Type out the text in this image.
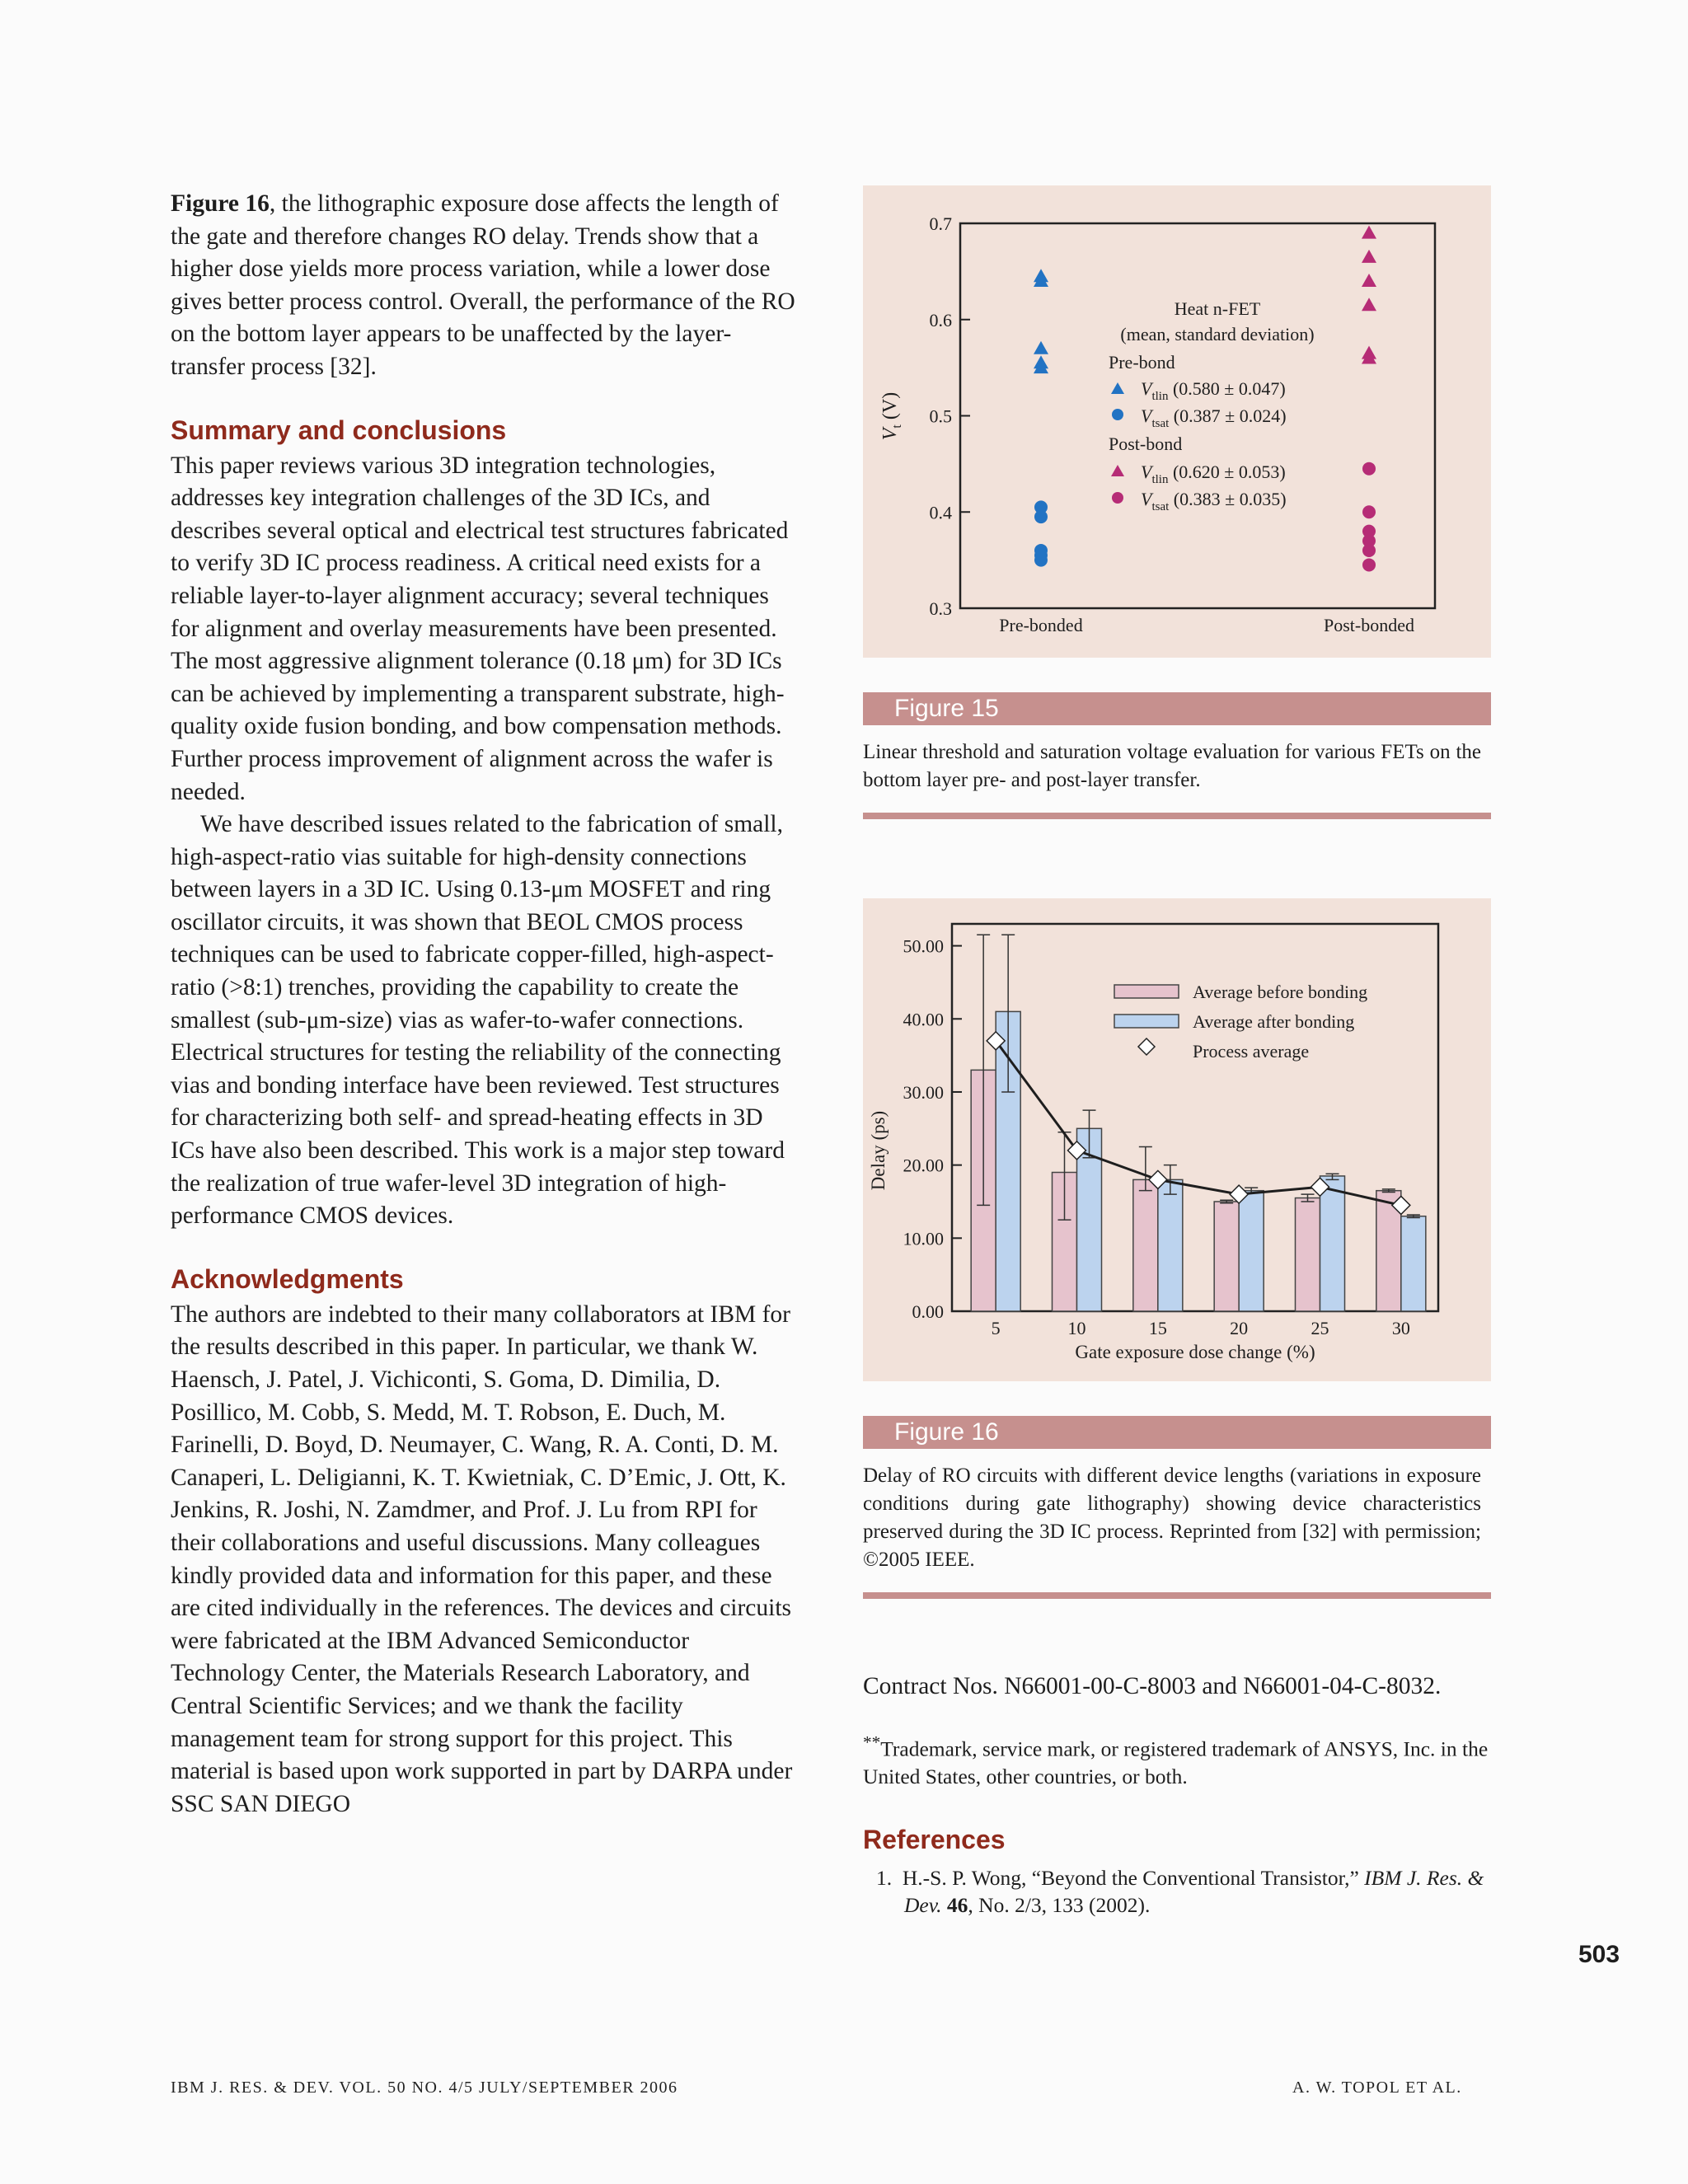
Figure 16, the lithographic exposure dose affects the length of the gate and therefore changes RO delay. Trends show that a higher dose yields more process variation, while a lower dose gives better process control. Overall, the performance of the RO on the bottom layer appears to be unaffected by the layer-transfer process [32].

Summary and conclusions

This paper reviews various 3D integration technologies, addresses key integration challenges of the 3D ICs, and describes several optical and electrical test structures fabricated to verify 3D IC process readiness. A critical need exists for a reliable layer-to-layer alignment accuracy; several techniques for alignment and overlay measurements have been presented. The most aggressive alignment tolerance (0.18 μm) for 3D ICs can be achieved by implementing a transparent substrate, high-quality oxide fusion bonding, and bow compensation methods. Further process improvement of alignment across the wafer is needed.

We have described issues related to the fabrication of small, high-aspect-ratio vias suitable for high-density connections between layers in a 3D IC. Using 0.13-μm MOSFET and ring oscillator circuits, it was shown that BEOL CMOS process techniques can be used to fabricate copper-filled, high-aspect-ratio (>8:1) trenches, providing the capability to create the smallest (sub-μm-size) vias as wafer-to-wafer connections. Electrical structures for testing the reliability of the connecting vias and bonding interface have been reviewed. Test structures for characterizing both self- and spread-heating effects in 3D ICs have also been described. This work is a major step toward the realization of true wafer-level 3D integration of high-performance CMOS devices.

Acknowledgments

The authors are indebted to their many collaborators at IBM for the results described in this paper. In particular, we thank W. Haensch, J. Patel, J. Vichiconti, S. Goma, D. Dimilia, D. Posillico, M. Cobb, S. Medd, M. T. Robson, E. Duch, M. Farinelli, D. Boyd, D. Neumayer, C. Wang, R. A. Conti, D. M. Canaperi, L. Deligianni, K. T. Kwietniak, C. D’Emic, J. Ott, K. Jenkins, R. Joshi, N. Zamdmer, and Prof. J. Lu from RPI for their collaborations and useful discussions. Many colleagues kindly provided data and information for this paper, and these are cited individually in the references. The devices and circuits were fabricated at the IBM Advanced Semiconductor Technology Center, the Materials Research Laboratory, and Central Scientific Services; and we thank the facility management team for strong support for this project. This material is based upon work supported in part by DARPA under SSC SAN DIEGO

0.3
0.4
0.5
0.6
0.7
$V_t$ (V)
Pre-bonded	Post-bonded
Heat n-FET
(mean, standard deviation)
Pre-bond
$V_{tlin}$ (0.580 ± 0.047)
$V_{tsat}$ (0.387 ± 0.024)
Post-bond
$V_{tlin}$ (0.620 ± 0.053)
$V_{tsat}$ (0.383 ± 0.035)
Figure 15
Linear threshold and saturation voltage evaluation for various FETs on the bottom layer pre- and post-layer transfer.
0.00
10.00
20.00
30.00
40.00
50.00
5	10	15	20	25	30
Delay (ps)
Gate exposure dose change (%)
Average before bonding
Average after bonding
Process average
Figure 16
Delay of RO circuits with different device lengths (variations in exposure conditions during gate lithography) showing device characteristics preserved during the 3D IC process. Reprinted from [32] with permission; ©2005 IEEE.

Contract Nos. N66001-00-C-8003 and N66001-04-C-8032.

**Trademark, service mark, or registered trademark of ANSYS, Inc. in the United States, other countries, or both.

References
1. H.-S. P. Wong, “Beyond the Conventional Transistor,” IBM J. Res. & Dev. 46, No. 2/3, 133 (2002).
503
IBM J. RES. & DEV. VOL. 50 NO. 4/5 JULY/SEPTEMBER 2006	A. W. TOPOL ET AL.
